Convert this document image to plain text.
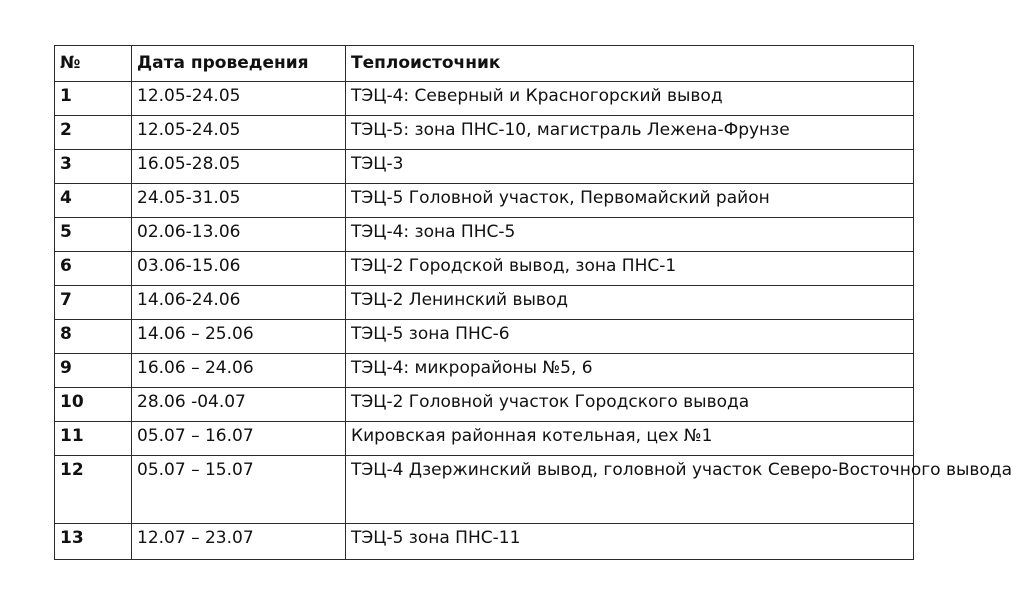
№	Дата проведения	Теплоисточник
1	12.05-24.05	ТЭЦ-4: Северный и Красногорский вывод
2	12.05-24.05	ТЭЦ-5: зона ПНС-10, магистраль Лежена-Фрунзе
3	16.05-28.05	ТЭЦ-3
4	24.05-31.05	ТЭЦ-5 Головной участок, Первомайский район
5	02.06-13.06	ТЭЦ-4: зона ПНС-5
6	03.06-15.06	ТЭЦ-2 Городской вывод, зона ПНС-1
7	14.06-24.06	ТЭЦ-2 Ленинский вывод
8	14.06 – 25.06	ТЭЦ-5 зона ПНС-6
9	16.06 – 24.06	ТЭЦ-4: микрорайоны №5, 6
10	28.06 -04.07	ТЭЦ-2 Головной участок Городского вывода
11	05.07 – 16.07	Кировская районная котельная, цех №1
12	05.07 – 15.07	ТЭЦ-4 Дзержинский вывод, головной участок Северо-Восточного вывода
13	12.07 – 23.07	ТЭЦ-5 зона ПНС-11
